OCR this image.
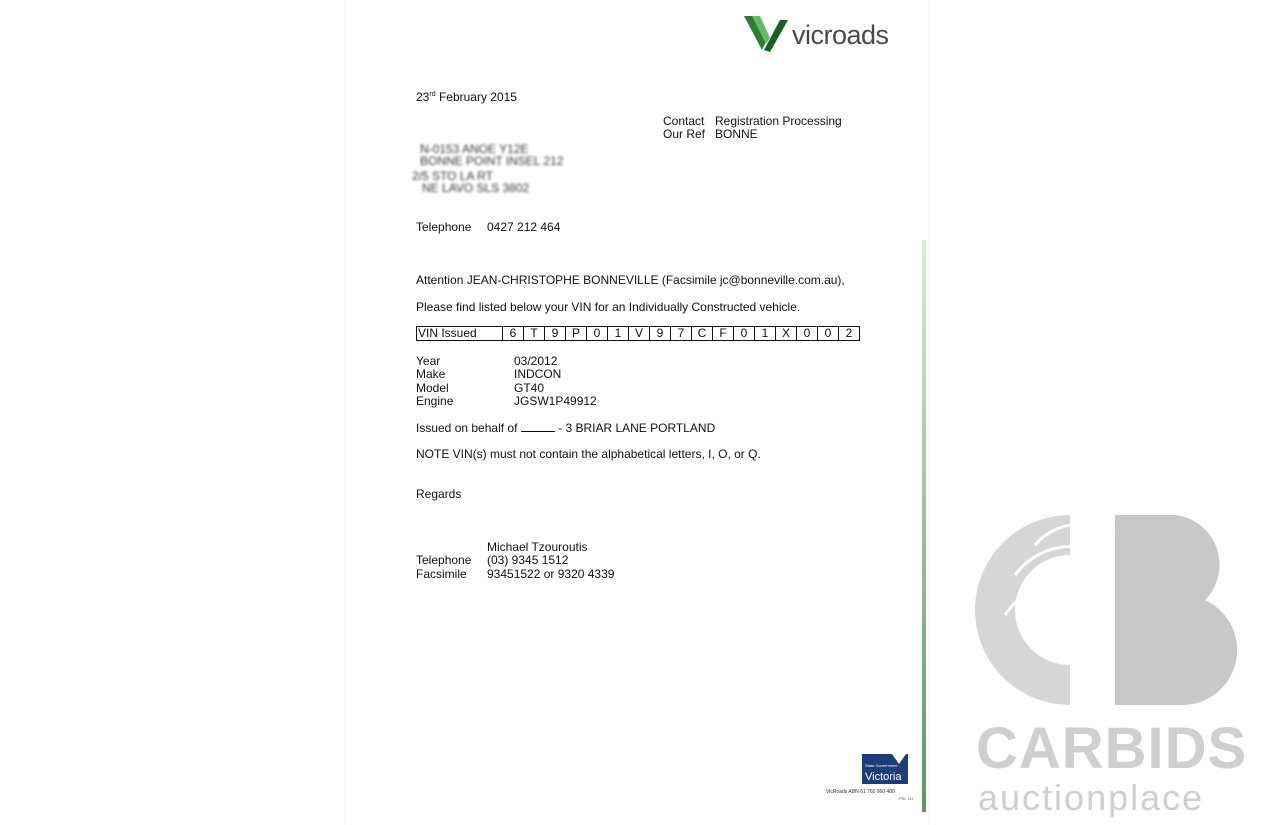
vicroads
23rd February 2015
Contact Registration Processing
Our Ref BONNE
N-0153 ANOE Y12E
BONNE POINT INSEL 212
2/5 STO LA RT
NE LAVO SLS 3802
Telephone 0427 212 464
Attention JEAN-CHRISTOPHE BONNEVILLE (Facsimile jc@bonneville.com.au),
Please find listed below your VIN for an Individually Constructed vehicle.
VIN Issued	6	T	9	P	0	1	V	9	7	C	F	0	1	X	0	0	2
Year	03/2012
Make	INDCON
Model	GT40
Engine	JGSW1P49912
Issued on behalf of	- 3 BRIAR LANE PORTLAND
NOTE VIN(s) must not contain the alphabetical letters, I, O, or Q.
Regards
Michael Tzouroutis
Telephone (03) 9345 1512
Facsimile 93451522 or 9320 4339
State Government
Victoria
VicRoads ABN 61 760 960 480
PSL 111
CARBIDS
auctionplace
